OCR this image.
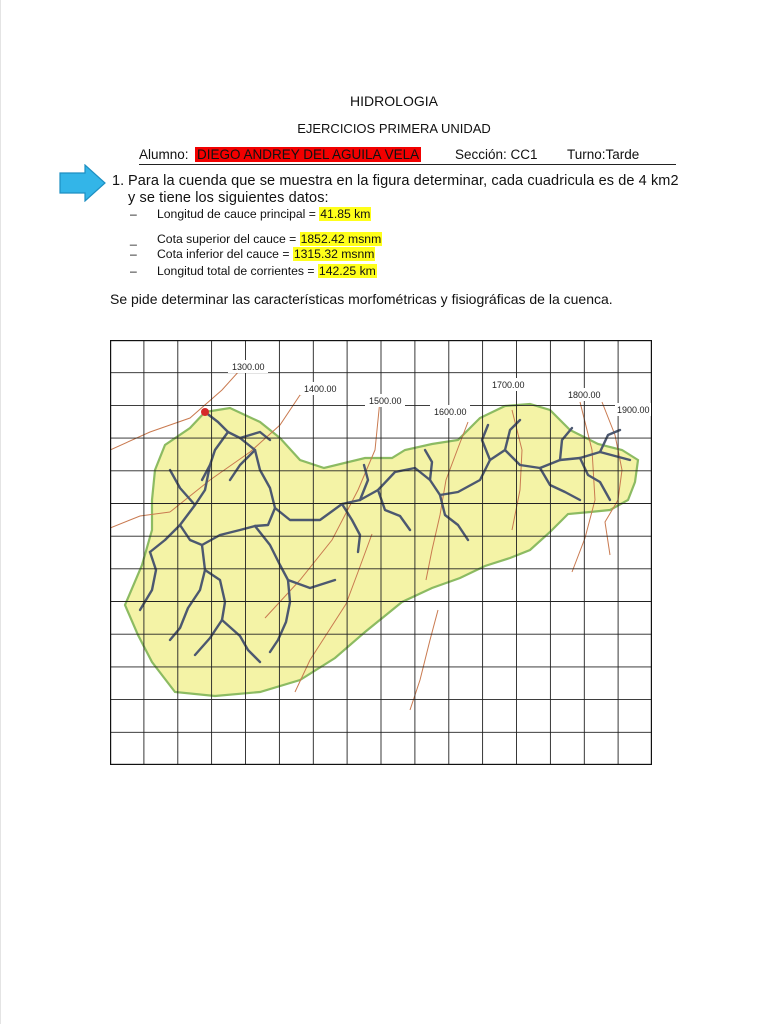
HIDROLOGIA
EJERCICIOS PRIMERA UNIDAD
Alumno: DIEGO ANDREY DEL AGUILA VELA	Sección: CC1 Turno:Tarde
1. Para la cuenda que se muestra en la figura determinar, cada cuadricula es de 4 km2 y se tiene los siguientes datos:
– Longitud de cauce principal = 41.85 km
_ Cota superior del cauce = 1852.42 msnm
– Cota inferior del cauce = 1315.32 msnm
– Longitud total de corrientes = 142.25 km
Se pide determinar las características morfométricas y fisiográficas de la cuenca.
1300.00
1400.00
1500.00
1600.00
1700.00
1800.00
1900.00
